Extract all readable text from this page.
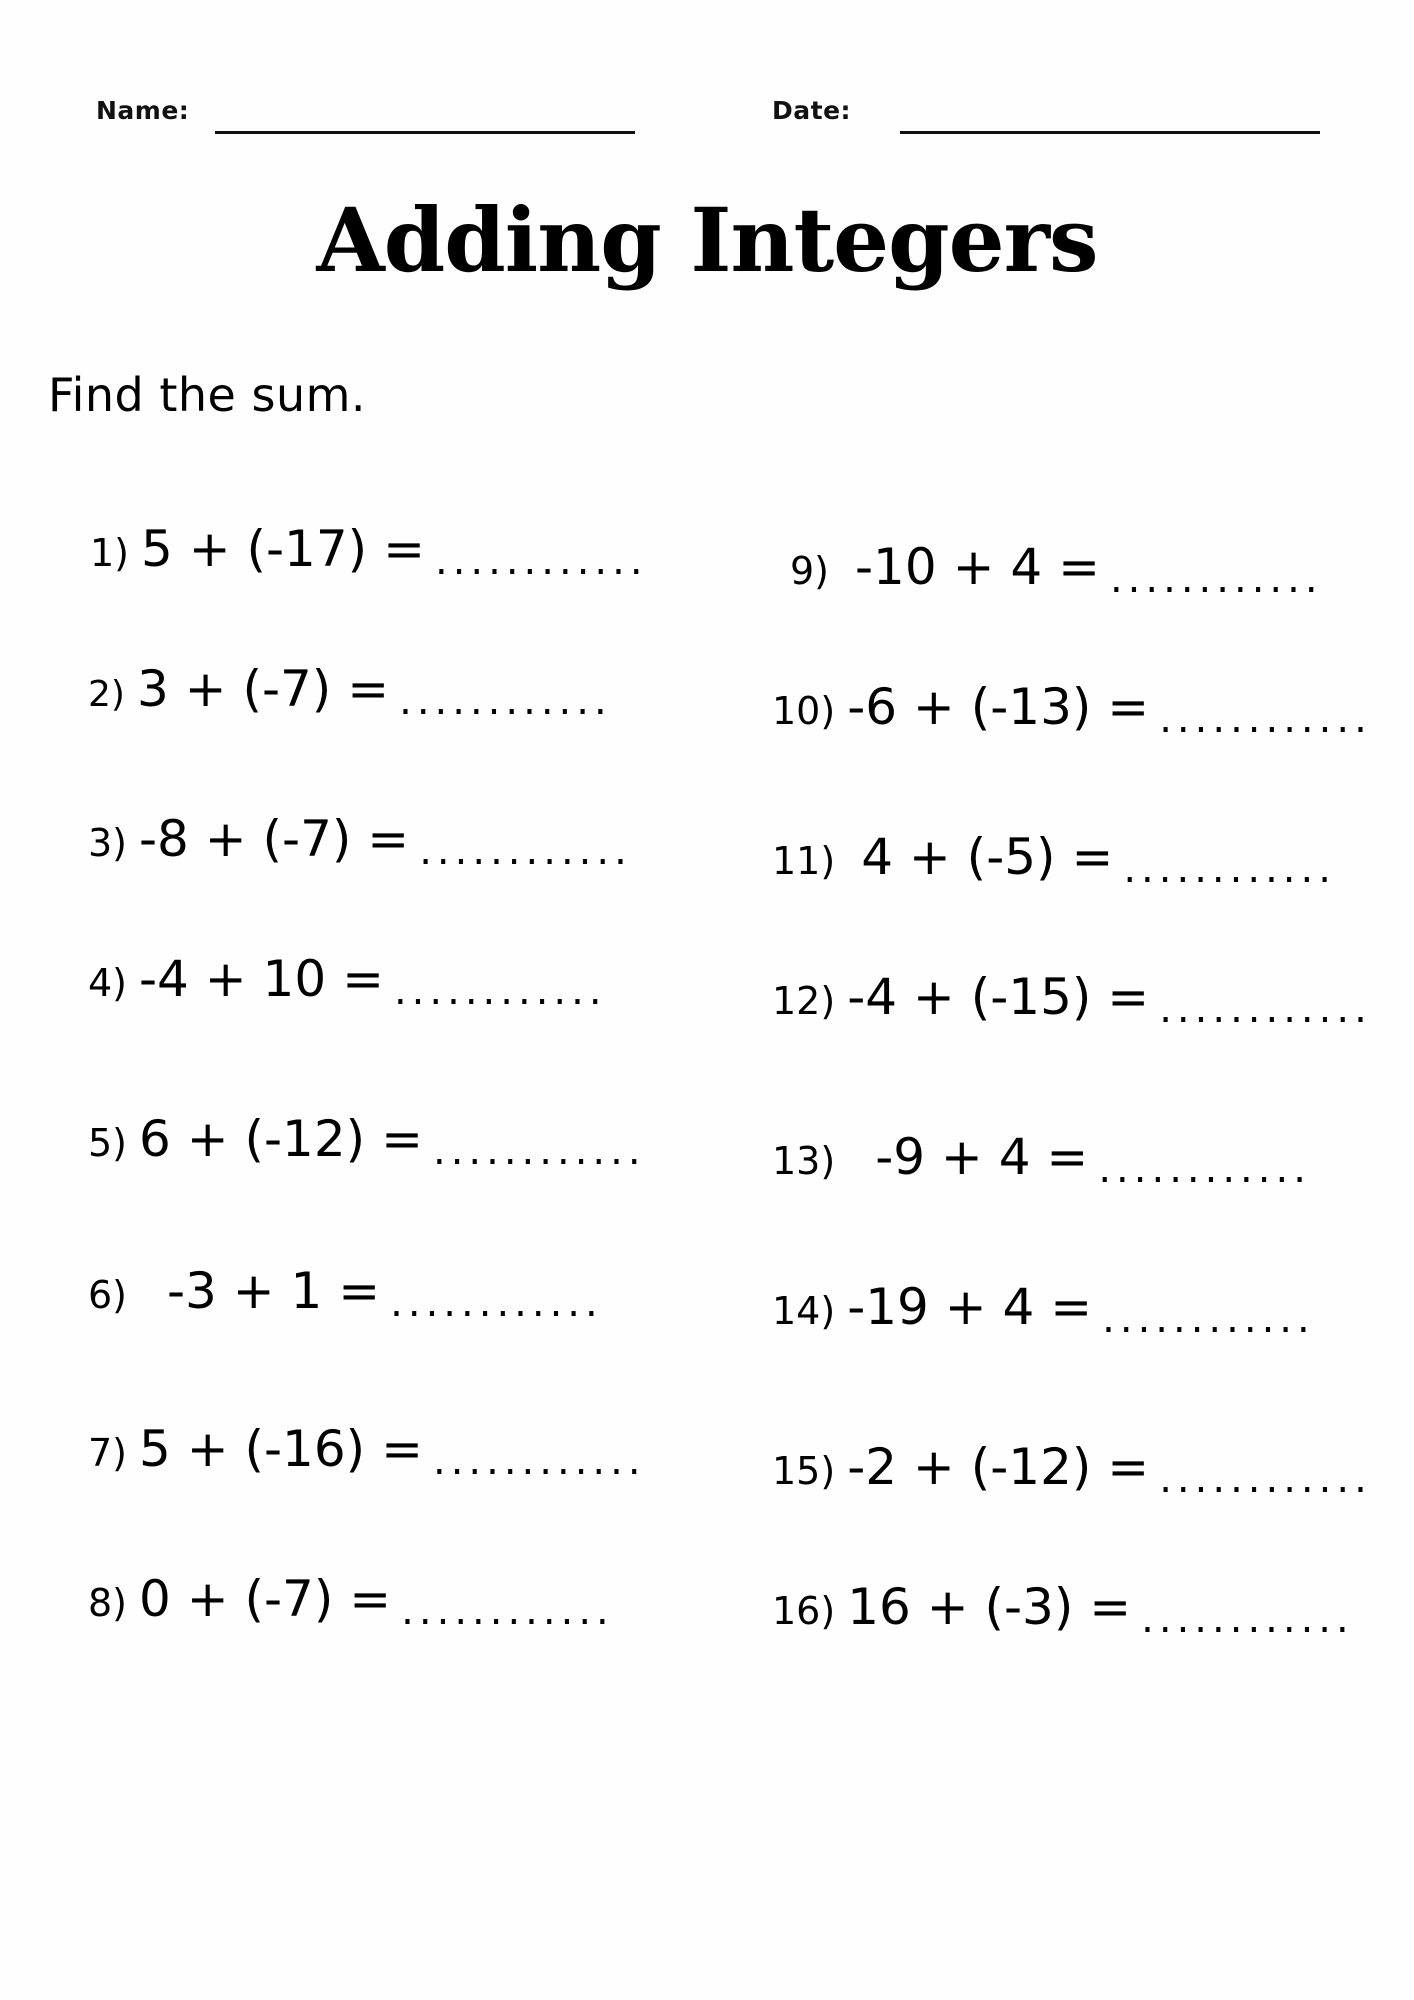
Name:	Date:
Adding Integers
Find the sum.
1) 5 + (-17) = ............
2) 3 + (-7) = ............
3) -8 + (-7) = ............
4) -4 + 10 = ............
5) 6 + (-12) = ............
6) -3 + 1 = ............
7) 5 + (-16) = ............
8) 0 + (-7) = ............
9) -10 + 4 = ............
10) -6 + (-13) = ............
11) 4 + (-5) = ............
12) -4 + (-15) = ............
13) -9 + 4 = ............
14) -19 + 4 = ............
15) -2 + (-12) = ............
16) 16 + (-3) = ............
